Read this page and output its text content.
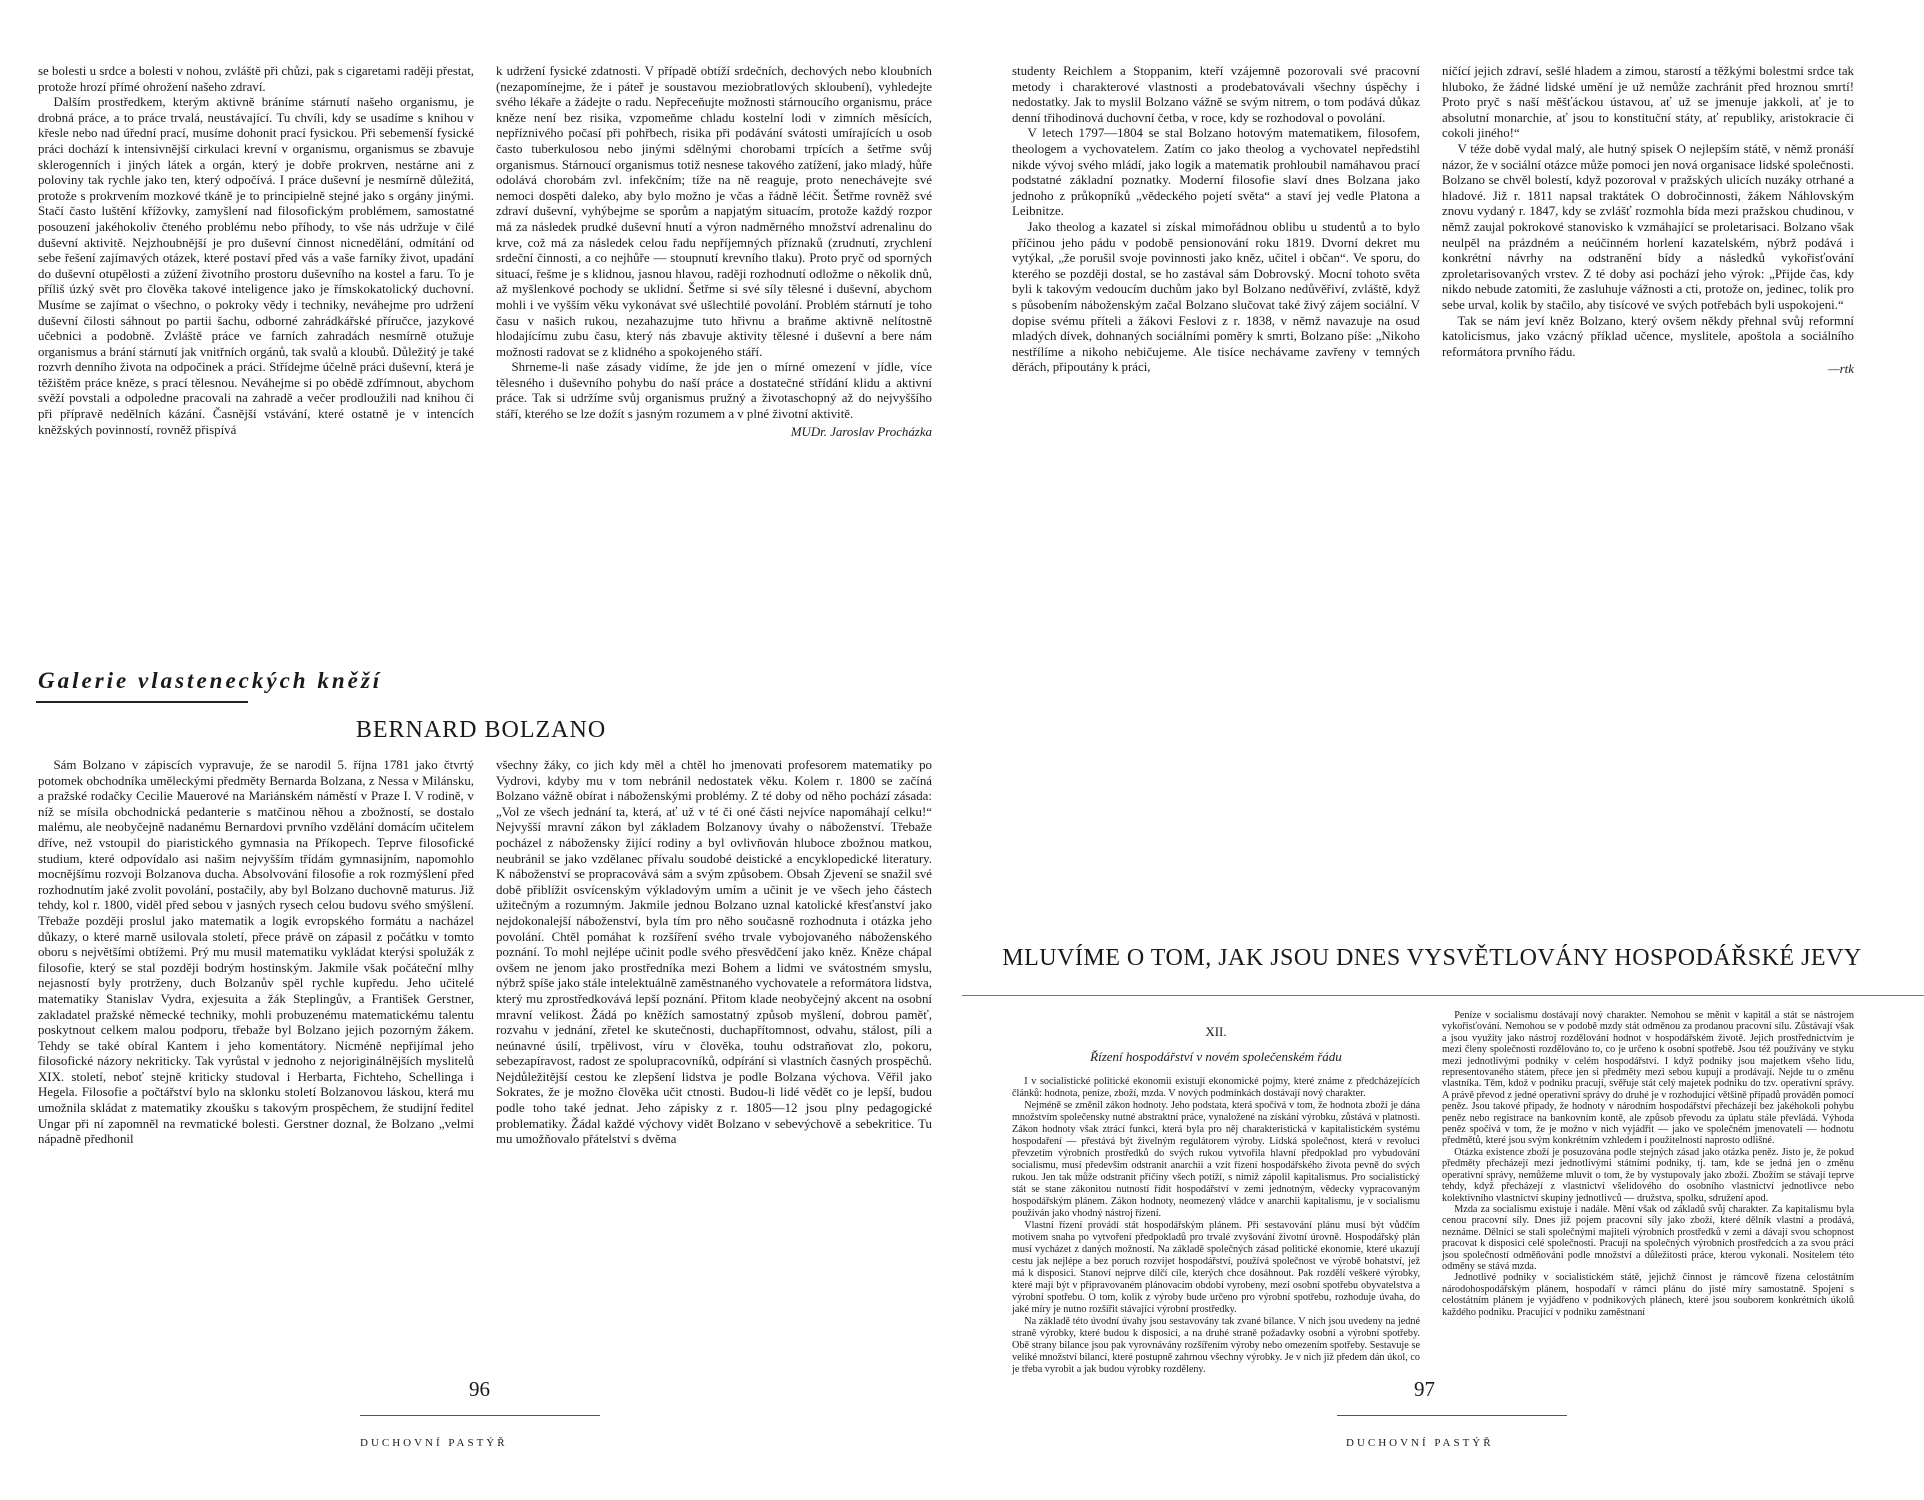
se bolesti u srdce a bolesti v nohou, zvláště při chůzi, pak s cigaretami raději přestat, protože hrozí přímé ohrožení našeho zdraví.

Dalším prostředkem, kterým aktivně bráníme stárnutí našeho organismu, je drobná práce, a to práce trvalá, neustávající. Tu chvíli, kdy se usadíme s knihou v křesle nebo nad úřední prací, musíme dohonit prací fysickou. Při sebemenší fysické práci dochází k intensivnější cirkulaci krevní v organismu, organismus se zbavuje sklerogenních i jiných látek a orgán, který je dobře prokrven, nestárne ani z poloviny tak rychle jako ten, který odpočívá. I práce duševní je nesmírně důležitá, protože s prokrvením mozkové tkáně je to principielně stejné jako s orgány jinými. Stačí často luštění křížovky, zamyšlení nad filosofickým problémem, samostatné posouzení jakéhokoliv čteného problému nebo příhody, to vše nás udržuje v čilé duševní aktivitě. Nejzhoubnější je pro duševní činnost nicnedělání, odmítání od sebe řešení zajímavých otázek, které postaví před vás a vaše farníky život, upadání do duševní otupělosti a zúžení životního prostoru duševního na kostel a faru. To je příliš úzký svět pro člověka takové inteligence jako je římskokatolický duchovní. Musíme se zajímat o všechno, o pokroky vědy i techniky, neváhejme pro udržení duševní čilosti sáhnout po partii šachu, odborné zahrádkářské příručce, jazykové učebnici a podobně. Zvláště práce ve farních zahradách nesmírně otužuje organismus a brání stárnutí jak vnitřních orgánů, tak svalů a kloubů. Důležitý je také rozvrh denního života na odpočinek a práci. Střídejme účelně práci duševní, která je těžištěm práce kněze, s prací tělesnou. Neváhejme si po obědě zdřímnout, abychom svěží povstali a odpoledne pracovali na zahradě a večer prodloužili nad knihou či při přípravě nedělních kázání. Časnější vstávání, které ostatně je v intencích kněžských povinností, rovněž přispívá

k udržení fysické zdatnosti. V případě obtíží srdečních, dechových nebo kloubních (nezapomínejme, že i páteř je soustavou meziobratlových skloubení), vyhledejte svého lékaře a žádejte o radu. Nepřeceňujte možnosti stárnoucího organismu, práce kněze není bez risika, vzpomeňme chladu kostelní lodi v zimních měsících, nepříznivého počasí při pohřbech, risika při podávání svátosti umírajících u osob často tuberkulosou nebo jinými sdělnými chorobami trpících a šetřme svůj organismus. Stárnoucí organismus totiž nesnese takového zatížení, jako mladý, hůře odolává chorobám zvl. infekčním; tíže na ně reaguje, proto nenechávejte své nemoci dospěti daleko, aby bylo možno je včas a řádně léčit. Šetřme rovněž své zdraví duševní, vyhýbejme se sporům a napjatým situacím, protože každý rozpor má za následek prudké duševní hnutí a výron nadměrného množství adrenalinu do krve, což má za následek celou řadu nepříjemných příznaků (zrudnutí, zrychlení srdeční činnosti, a co nejhůře — stoupnutí krevního tlaku). Proto pryč od sporných situací, řešme je s klidnou, jasnou hlavou, raději rozhodnutí odložme o několik dnů, až myšlenkové pochody se uklidní. Šetřme si své síly tělesné i duševní, abychom mohli i ve vyšším věku vykonávat své ušlechtilé povolání. Problém stárnutí je toho času v našich rukou, nezahazujme tuto hřivnu a braňme aktivně nelítostně hlodajícímu zubu času, který nás zbavuje aktivity tělesné i duševní a bere nám možnosti radovat se z klidného a spokojeného stáří.

Shrneme-li naše zásady vidíme, že jde jen o mírné omezení v jídle, více tělesného i duševního pohybu do naší práce a dostatečné střídání klidu a aktivní práce. Tak si udržíme svůj organismus pružný a životaschopný až do nejvyššího stáří, kterého se lze dožít s jasným rozumem a v plné životní aktivitě.

MUDr. Jaroslav Procházka

Galerie vlasteneckých kněží
BERNARD BOLZANO

Sám Bolzano v zápiscích vypravuje, že se narodil 5. října 1781 jako čtvrtý potomek obchodníka uměleckými předměty Bernarda Bolzana, z Nessa v Milánsku, a pražské rodačky Cecilie Mauerové na Mariánském náměstí v Praze I. V rodině, v níž se mísila obchodnická pedanterie s matčinou něhou a zbožností, se dostalo malému, ale neobyčejně nadanému Bernardovi prvního vzdělání domácím učitelem dříve, než vstoupil do piaristického gymnasia na Příkopech. Teprve filosofické studium, které odpovídalo asi našim nejvyšším třídám gymnasijním, napomohlo mocnějšímu rozvoji Bolzanova ducha. Absolvování filosofie a rok rozmýšlení před rozhodnutím jaké zvolit povolání, postačily, aby byl Bolzano duchovně maturus. Již tehdy, kol r. 1800, viděl před sebou v jasných rysech celou budovu svého smýšlení. Třebaže později proslul jako matematik a logik evropského formátu a nacházel důkazy, o které marně usilovala století, přece právě on zápasil z počátku v tomto oboru s největšími obtížemi. Prý mu musil matematiku vykládat kterýsi spolužák z filosofie, který se stal později bodrým hostinským. Jakmile však počáteční mlhy nejasností byly protrženy, duch Bolzanův spěl rychle kupředu. Jeho učitelé matematiky Stanislav Vydra, exjesuita a žák Steplingův, a František Gerstner, zakladatel pražské německé techniky, mohli probuzenému matematickému talentu poskytnout celkem malou podporu, třebaže byl Bolzano jejich pozorným žákem. Tehdy se také obíral Kantem i jeho komentátory. Nicméně nepřijímal jeho filosofické názory nekriticky. Tak vyrůstal v jednoho z nejoriginálnějších myslitelů XIX. století, neboť stejně kriticky studoval i Herbarta, Fichteho, Schellinga i Hegela. Filosofie a počtářství bylo na sklonku století Bolzanovou láskou, která mu umožnila skládat z matematiky zkoušku s takovým prospěchem, že studijní ředitel Ungar při ní zapomněl na revmatické bolesti. Gerstner doznal, že Bolzano „velmi nápadně předhonil

všechny žáky, co jich kdy měl a chtěl ho jmenovati profesorem matematiky po Vydrovi, kdyby mu v tom nebránil nedostatek věku. Kolem r. 1800 se začíná Bolzano vážně obírat i náboženskými problémy. Z té doby od něho pochází zásada: „Vol ze všech jednání ta, která, ať už v té či oné části nejvíce napomáhají celku!“ Nejvyšší mravní zákon byl základem Bolzanovy úvahy o náboženství. Třebaže pocházel z nábožensky žijící rodiny a byl ovlivňován hluboce zbožnou matkou, neubránil se jako vzdělanec přívalu soudobé deistické a encyklopedické literatury. K náboženství se propracovává sám a svým způsobem. Obsah Zjevení se snažil své době přiblížit osvícenským výkladovým umím a učinit je ve všech jeho částech užitečným a rozumným. Jakmile jednou Bolzano uznal katolické křesťanství jako nejdokonalejší náboženství, byla tím pro něho současně rozhodnuta i otázka jeho povolání. Chtěl pomáhat k rozšíření svého trvale vybojovaného náboženského poznání. To mohl nejlépe učinit podle svého přesvědčení jako kněz. Kněze chápal ovšem ne jenom jako prostředníka mezi Bohem a lidmi ve svátostném smyslu, nýbrž spíše jako stále intelektuálně zaměstnaného vychovatele a reformátora lidstva, který mu zprostředkovává lepší poznání. Přitom klade neobyčejný akcent na osobní mravní velikost. Žádá po kněžích samostatný způsob myšlení, dobrou paměť, rozvahu v jednání, zřetel ke skutečnosti, duchapřítomnost, odvahu, stálost, píli a neúnavné úsilí, trpělivost, víru v člověka, touhu odstraňovat zlo, pokoru, sebezapíravost, radost ze spolupracovníků, odpírání si vlastních časných prospěchů. Nejdůležitější cestou ke zlepšení lidstva je podle Bolzana výchova. Věřil jako Sokrates, že je možno člověka učit ctnosti. Budou-li lidé vědět co je lepší, budou podle toho také jednat. Jeho zápisky z r. 1805—12 jsou plny pedagogické problematiky. Žádal každé výchovy vidět Bolzano v sebevýchově a sebekritice. Tu mu umožňovalo přátelství s dvěma

96
DUCHOVNÍ PASTÝŘ

studenty Reichlem a Stoppanim, kteří vzájemně pozorovali své pracovní metody i charakterové vlastnosti a prodebatovávali všechny úspěchy i nedostatky. Jak to myslil Bolzano vážně se svým nitrem, o tom podává důkaz denní třihodinová duchovní četba, v roce, kdy se rozhodoval o povolání.

V letech 1797—1804 se stal Bolzano hotovým matematikem, filosofem, theologem a vychovatelem. Zatím co jako theolog a vychovatel nepředstihl nikde vývoj svého mládí, jako logik a matematik prohloubil namáhavou prací podstatné základní poznatky. Moderní filosofie slaví dnes Bolzana jako jednoho z průkopníků „vědeckého pojetí světa“ a staví jej vedle Platona a Leibnitze.

Jako theolog a kazatel si získal mimořádnou oblibu u studentů a to bylo příčinou jeho pádu v podobě pensionování roku 1819. Dvorní dekret mu vytýkal, „že porušil svoje povinnosti jako kněz, učitel i občan“. Ve sporu, do kterého se později dostal, se ho zastával sám Dobrovský. Mocní tohoto světa byli k takovým vedoucím duchům jako byl Bolzano nedůvěřiví, zvláště, když s působením náboženským začal Bolzano slučovat také živý zájem sociální. V dopise svému příteli a žákovi Feslovi z r. 1838, v němž navazuje na osud mladých dívek, dohnaných sociálními poměry k smrti, Bolzano píše: „Nikoho nestřílíme a nikoho nebičujeme. Ale tisíce nechávame zavřeny v temných děrách, připoutány k práci,

ničící jejich zdraví, sešlé hladem a zimou, starostí a těžkými bolestmi srdce tak hluboko, že žádné lidské umění je už nemůže zachránit před hroznou smrtí! Proto pryč s naší měšťáckou ústavou, ať už se jmenuje jakkoli, ať je to absolutní monarchie, ať jsou to konstituční státy, ať republiky, aristokracie či cokoli jiného!“

V téže době vydal malý, ale hutný spisek O nejlepším státě, v němž pronáší názor, že v sociální otázce může pomoci jen nová organisace lidské společnosti. Bolzano se chvěl bolestí, když pozoroval v pražských ulicích nuzáky otrhané a hladové. Již r. 1811 napsal traktátek O dobročinnosti, žákem Náhlovským znovu vydaný r. 1847, kdy se zvlášť rozmohla bída mezi pražskou chudinou, v němž zaujal pokrokové stanovisko k vzmáhající se proletarisaci. Bolzano však neulpěl na prázdném a neúčinném horlení kazatelském, nýbrž podává i konkrétní návrhy na odstranění bídy a následků vykořisťování zproletarisovaných vrstev. Z té doby asi pochází jeho výrok: „Přijde čas, kdy nikdo nebude zatomiti, že zasluhuje vážnosti a cti, protože on, jedinec, tolik pro sebe urval, kolik by stačilo, aby tisícové ve svých potřebách byli uspokojeni.“

Tak se nám jeví kněz Bolzano, který ovšem někdy přehnal svůj reformní katolicismus, jako vzácný příklad učence, myslitele, apoštola a sociálního reformátora prvního řádu.

—rtk

MLUVÍME O TOM, JAK JSOU DNES VYSVĚTLOVÁNY HOSPODÁŘSKÉ JEVY
XII.
Řízení hospodářství v novém společenském řádu

I v socialistické politické ekonomii existují ekonomické pojmy, které známe z předcházejících článků: hodnota, peníze, zboží, mzda. V nových podmínkách dostávají nový charakter.

Nejméně se změnil zákon hodnoty. Jeho podstata, která spočívá v tom, že hodnota zboží je dána množstvím společensky nutné abstraktní práce, vynaložené na získání výrobku, zůstává v platnosti. Zákon hodnoty však ztrácí funkci, která byla pro něj charakteristická v kapitalistickém systému hospodaření — přestává být živelným regulátorem výroby. Lidská společnost, která v revoluci převzetím výrobních prostředků do svých rukou vytvořila hlavní předpoklad pro vybudování socialismu, musí především odstranit anarchii a vzít řízení hospodářského života pevně do svých rukou. Jen tak může odstranit příčiny všech potíží, s nimiž zápolil kapitalismus. Pro socialistický stát se stane zákonitou nutností řídit hospodářství v zemi jednotným, vědecky vypracovaným hospodářským plánem. Zákon hodnoty, neomezený vládce v anarchii kapitalismu, je v socialismu používán jako vhodný nástroj řízení.

Vlastní řízení provádí stát hospodářským plánem. Při sestavování plánu musí být vůdčím motivem snaha po vytvoření předpokladů pro trvalé zvyšování životní úrovně. Hospodářský plán musí vycházet z daných možností. Na základě společných zásad politické ekonomie, které ukazují cestu jak nejlépe a bez poruch rozvíjet hospodářství, používá společnost ve výrobě bohatství, jež má k disposici. Stanoví nejprve dílčí cíle, kterých chce dosáhnout. Pak rozdělí veškeré výrobky, které mají být v připravovaném plánovacím období vyrobeny, mezi osobní spotřebu obyvatelstva a výrobní spotřebu. O tom, kolik z výroby bude určeno pro výrobní spotřebu, rozhoduje úvaha, do jaké míry je nutno rozšířit stávající výrobní prostředky.

Na základě této úvodní úvahy jsou sestavovány tak zvané bilance. V nich jsou uvedeny na jedné straně výrobky, které budou k disposici, a na druhé straně požadavky osobní a výrobní spotřeby. Obě strany bilance jsou pak vyrovnávány rozšířením výroby nebo omezením spotřeby. Sestavuje se veliké množství bilancí, které postupně zahrnou všechny výrobky. Je v nich již předem dán úkol, co je třeba vyrobit a jak budou výrobky rozděleny.

Peníze v socialismu dostávají nový charakter. Nemohou se měnit v kapitál a stát se nástrojem vykořisťování. Nemohou se v podobě mzdy stát odměnou za prodanou pracovní sílu. Zůstávají však a jsou využity jako nástroj rozdělování hodnot v hospodářském životě. Jejich prostřednictvím je mezi členy společnosti rozdělováno to, co je určeno k osobní spotřebě. Jsou též používány ve styku mezi jednotlivými podniky v celém hospodářství. I když podniky jsou majetkem všeho lidu, representovaného státem, přece jen si předměty mezi sebou kupují a prodávají. Nejde tu o změnu vlastníka. Těm, kdož v podniku pracují, svěřuje stát celý majetek podniku do tzv. operativní správy. A právě převod z jedné operativní správy do druhé je v rozhodující většině případů prováděn pomocí peněz. Jsou takové případy, že hodnoty v národním hospodářství přecházejí bez jakéhokoli pohybu peněz nebo registrace na bankovním kontě, ale způsob převodu za úplatu stále převládá. Výhoda peněz spočívá v tom, že je možno v nich vyjádřit — jako ve společném jmenovateli — hodnotu předmětů, které jsou svým konkrétním vzhledem i použitelností naprosto odlišné.

Otázka existence zboží je posuzována podle stejných zásad jako otázka peněz. Jisto je, že pokud předměty přecházejí mezi jednotlivými státními podniky, tj. tam, kde se jedná jen o změnu operativní správy, nemůžeme mluvit o tom, že by vystupovaly jako zboží. Zbožím se stávají teprve tehdy, když přecházejí z vlastnictví všelidového do osobního vlastnictví jednotlivce nebo kolektivního vlastnictví skupiny jednotlivců — družstva, spolku, sdružení apod.

Mzda za socialismu existuje i nadále. Mění však od základů svůj charakter. Za kapitalismu byla cenou pracovní síly. Dnes již pojem pracovní síly jako zboží, které dělník vlastní a prodává, neznáme. Dělníci se stali společnými majiteli výrobních prostředků v zemi a dávají svou schopnost pracovat k disposici celé společnosti. Pracují na společných výrobních prostředcích a za svou práci jsou společností odměňováni podle množství a důležitosti práce, kterou vykonali. Nositelem této odměny se stává mzda.

Jednotlivé podniky v socialistickém státě, jejichž činnost je rámcově řízena celostátním národohospodářským plánem, hospodaří v rámci plánu do jisté míry samostatně. Spojení s celostátním plánem je vyjádřeno v podnikových plánech, které jsou souborem konkrétních úkolů každého podniku. Pracující v podniku zaměstnaní

97
DUCHOVNÍ PASTÝŘ
